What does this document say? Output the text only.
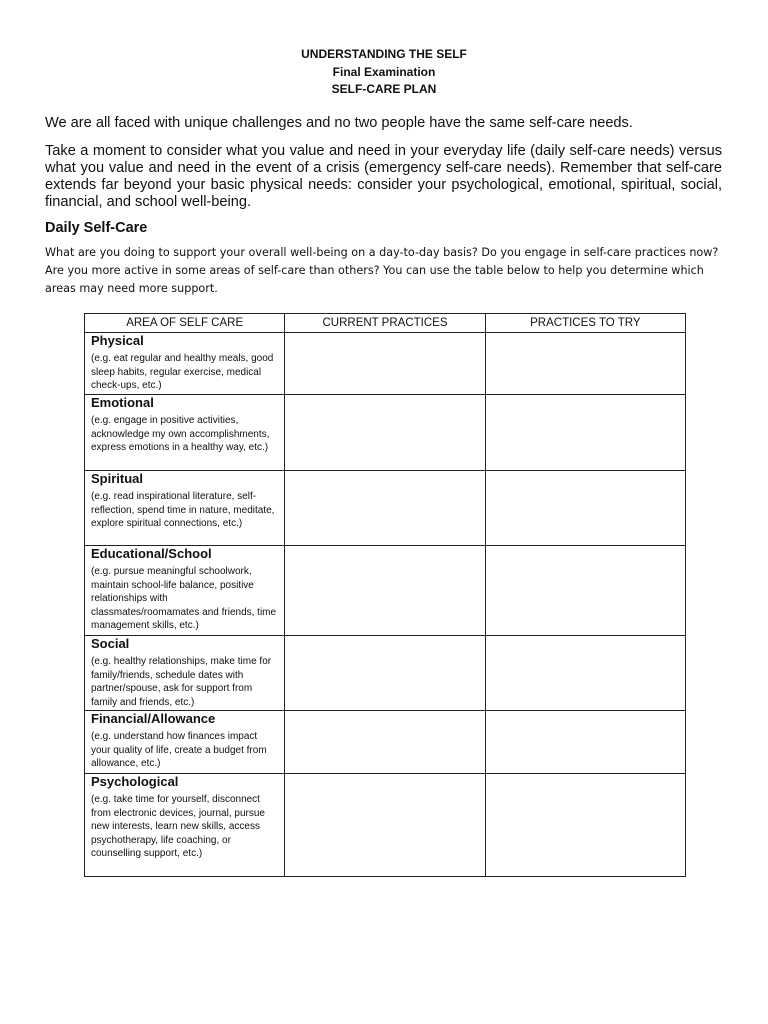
UNDERSTANDING THE SELF
Final Examination
SELF-CARE PLAN

We are all faced with unique challenges and no two people have the same self-care needs.

Take a moment to consider what you value and need in your everyday life (daily self-care needs) versus what you value and need in the event of a crisis (emergency self-care needs). Remember that self-care extends far beyond your basic physical needs: consider your psychological, emotional, spiritual, social, financial, and school well-being.

Daily Self-Care

What are you doing to support your overall well-being on a day-to-day basis? Do you engage in self-care practices now? Are you more active in some areas of self-care than others? You can use the table below to help you determine which areas may need more support.

AREA OF SELF CARE	CURRENT PRACTICES	PRACTICES TO TRY

Physical
(e.g. eat regular and healthy meals, good sleep habits, regular exercise, medical check-ups, etc.)		

Emotional
(e.g. engage in positive activities, acknowledge my own accomplishments, express emotions in a healthy way, etc.)		

Spiritual
(e.g. read inspirational literature, self-reflection, spend time in nature, meditate, explore spiritual connections, etc.)		

Educational/School
(e.g. pursue meaningful schoolwork, maintain school-life balance, positive relationships with classmates/roomamates and friends, time management skills, etc.)		

Social
(e.g. healthy relationships, make time for family/friends, schedule dates with partner/spouse, ask for support from family and friends, etc.)		

Financial/Allowance
(e.g. understand how finances impact your quality of life, create a budget from allowance, etc.)		

Psychological
(e.g. take time for yourself, disconnect from electronic devices, journal, pursue new interests, learn new skills, access psychotherapy, life coaching, or counselling support, etc.)		
